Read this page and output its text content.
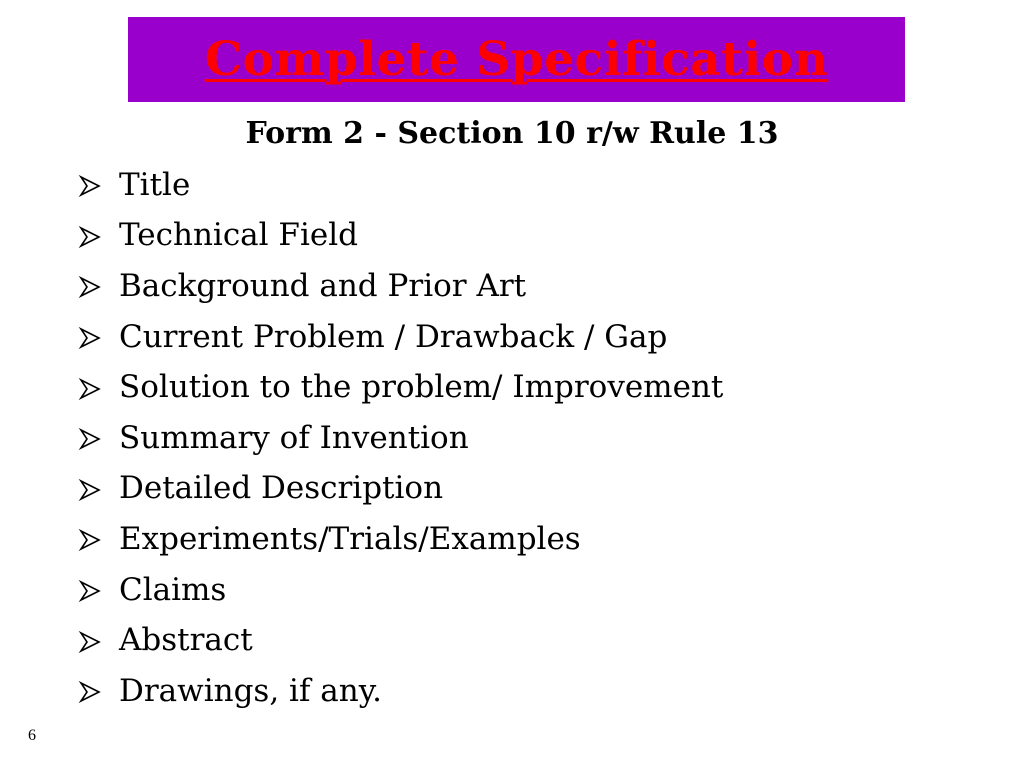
Complete Specification
Form 2 - Section 10 r/w Rule 13
Title
Technical Field
Background and Prior Art
Current Problem / Drawback / Gap
Solution to the problem/ Improvement
Summary of Invention
Detailed Description
Experiments/Trials/Examples
Claims
Abstract
Drawings, if any.
6
